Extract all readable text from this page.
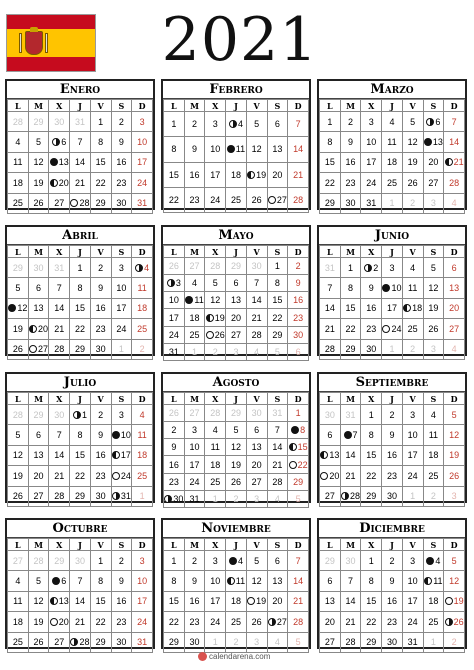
2021
Enero
L	M	X	J	V	S	D
28	29	30	31	1	2	3
4	5	6	7	8	9	10
11	12	13	14	15	16	17
18	19	20	21	22	23	24
25	26	27	28	29	30	31
Febrero
L	M	X	J	V	S	D
1	2	3	4	5	6	7
8	9	10	11	12	13	14
15	16	17	18	19	20	21
22	23	24	25	26	27	28
Marzo
L	M	X	J	V	S	D
1	2	3	4	5	6	7
8	9	10	11	12	13	14
15	16	17	18	19	20	21
22	23	24	25	26	27	28
29	30	31	1	2	3	4
Abril
L	M	X	J	V	S	D
29	30	31	1	2	3	4
5	6	7	8	9	10	11
12	13	14	15	16	17	18
19	20	21	22	23	24	25
26	27	28	29	30	1	2
Mayo
L	M	X	J	V	S	D
26	27	28	29	30	1	2
3	4	5	6	7	8	9
10	11	12	13	14	15	16
17	18	19	20	21	22	23
24	25	26	27	28	29	30
31	1	2	3	4	5	6
Junio
L	M	X	J	V	S	D
31	1	2	3	4	5	6
7	8	9	10	11	12	13
14	15	16	17	18	19	20
21	22	23	24	25	26	27
28	29	30	1	2	3	4
Julio
L	M	X	J	V	S	D
28	29	30	1	2	3	4
5	6	7	8	9	10	11
12	13	14	15	16	17	18
19	20	21	22	23	24	25
26	27	28	29	30	31	1
Agosto
L	M	X	J	V	S	D
26	27	28	29	30	31	1
2	3	4	5	6	7	8
9	10	11	12	13	14	15
16	17	18	19	20	21	22
23	24	25	26	27	28	29
30	31	1	2	3	4	5
Septiembre
L	M	X	J	V	S	D
30	31	1	2	3	4	5
6	7	8	9	10	11	12
13	14	15	16	17	18	19
20	21	22	23	24	25	26
27	28	29	30	1	2	3
Octubre
L	M	X	J	V	S	D
27	28	29	30	1	2	3
4	5	6	7	8	9	10
11	12	13	14	15	16	17
18	19	20	21	22	23	24
25	26	27	28	29	30	31
Noviembre
L	M	X	J	V	S	D
1	2	3	4	5	6	7
8	9	10	11	12	13	14
15	16	17	18	19	20	21
22	23	24	25	26	27	28
29	30	1	2	3	4	5
Diciembre
L	M	X	J	V	S	D
29	30	1	2	3	4	5
6	7	8	9	10	11	12
13	14	15	16	17	18	19
20	21	22	23	24	25	26
27	28	29	30	31	1	2
calendarena.com
